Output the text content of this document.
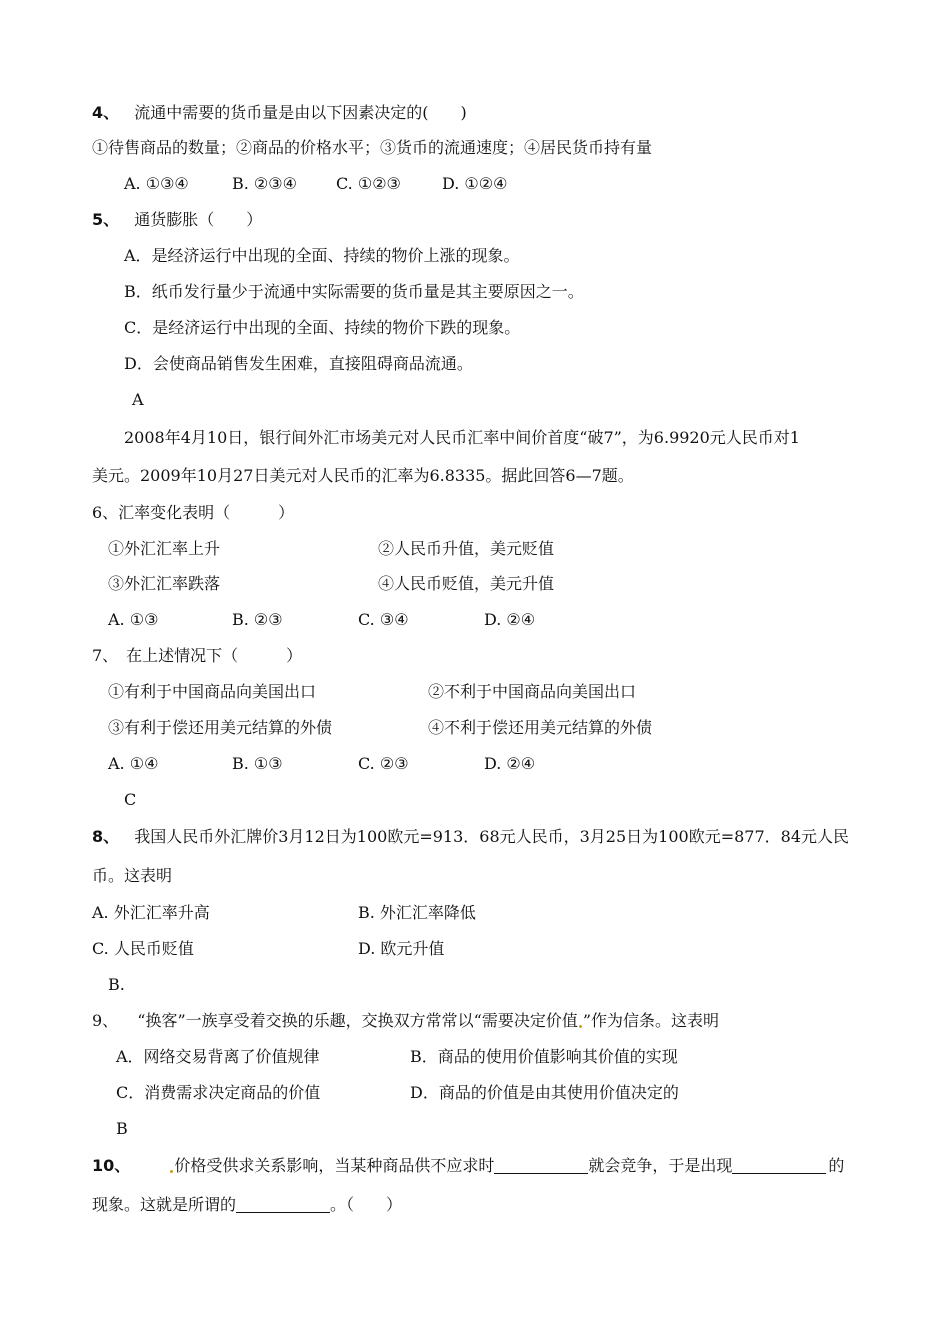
4、 流通中需要的货币量是由以下因素决定的(　　)
①待售商品的数量；②商品的价格水平；③货币的流通速度；④居民货币持有量
A. ①③④	B. ②③④ C. ①②③	D. ①②④
5、 通货膨胀（　　）
A．是经济运行中出现的全面、持续的物价上涨的现象。
B．纸币发行量少于流通中实际需要的货币量是其主要原因之一。
C．是经济运行中出现的全面、持续的物价下跌的现象。
D．会使商品销售发生困难，直接阻碍商品流通。
A
2008年4月10日，银行间外汇市场美元对人民币汇率中间价首度“破7”，为6.9920元人民币对1
美元。2009年10月27日美元对人民币的汇率为6.8335。据此回答6—7题。
6、汇率变化表明（　　　）
①外汇汇率上升	②人民币升值，美元贬值
③外汇汇率跌落	④人民币贬值，美元升值
A. ①③	B. ②③	C. ③④	D. ②④
7、　在上述情况下（　　　）
①有利于中国商品向美国出口	②不利于中国商品向美国出口
③有利于偿还用美元结算的外债	④不利于偿还用美元结算的外债
A. ①④	B. ①③	C. ②③	D. ②④
C
8、 我国人民币外汇牌价3月12日为100欧元=913．68元人民币，3月25日为100欧元=877．84元人民
币。这表明
A. 外汇汇率升高	B. 外汇汇率降低
C. 人民币贬值	D. 欧元升值
B.
9、 “换客”一族享受着交换的乐趣，交换双方常常以“需要决定价值 ”作为信条。这表明
A．网络交易背离了价值规律	B．商品的使用价值影响其价值的实现
C．消费需求决定商品的价值	D．商品的价值是由其使用价值决定的
B
10、	价格受供求关系影响，当某种商品供不应求时	就会竞争，于是出现	的
现象。这就是所谓的	。（　　）
